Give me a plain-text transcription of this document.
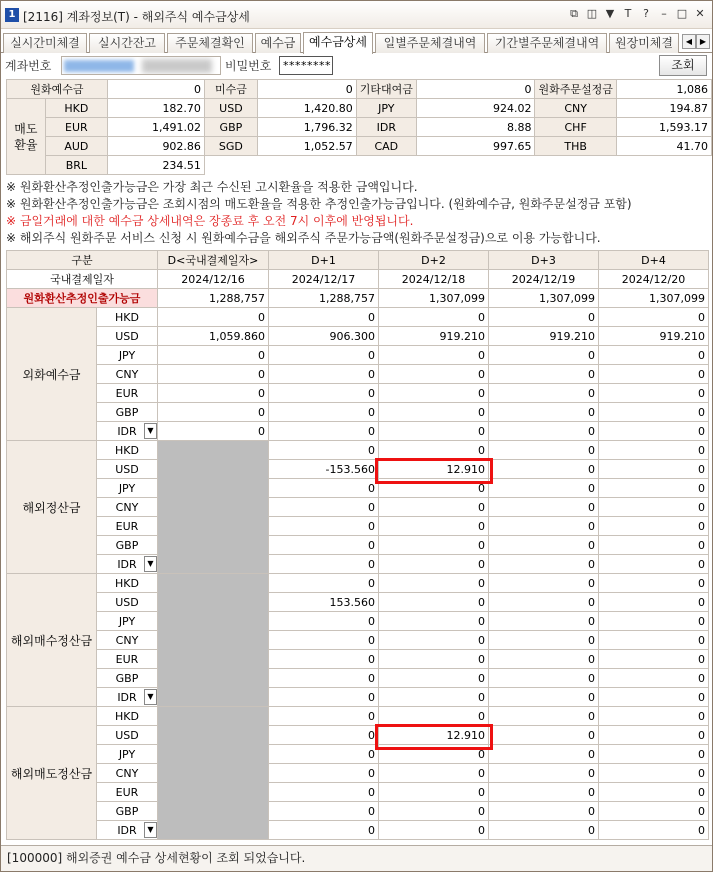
1 [2116] 계좌정보(T) - 해외주식 예수금상세	⧉ ◫ ▼ T ? – □ ✕
실시간미체결	실시간잔고	주문체결확인	예수금	예수금상세	일별주문체결내역	기간별주문체결내역	원장미체결	◀ ▶
계좌번호	비밀번호	********	조회
원화예수금		0	미수금	0	기타대여금	0	원화주문설정금	1,086
매도 환율	HKD	182.70	USD	1,420.80	JPY	924.02	CNY	194.87
	EUR	1,491.02	GBP	1,796.32	IDR	8.88	CHF	1,593.17
	AUD	902.86	SGD	1,052.57	CAD	997.65	THB	41.70
	BRL	234.51						
※ 원화환산추정인출가능금은 가장 최근 수신된 고시환율을 적용한 금액입니다.
※ 원화환산추정인출가능금은 조회시점의 매도환율을 적용한 추정인출가능금입니다. (원화예수금, 원화주문설정금 포함)
※ 금일거래에 대한 예수금 상세내역은 장종료 후 오전 7시 이후에 반영됩니다.
※ 해외주식 원화주문 서비스 신청 시 원화예수금을 해외주식 주문가능금액(원화주문설정금)으로 이용 가능합니다.
구분		D<국내결제일자>	D+1	D+2	D+3	D+4
국내결제일자		2024/12/16	2024/12/17	2024/12/18	2024/12/19	2024/12/20
원화환산추정인출가능금		1,288,757	1,288,757	1,307,099	1,307,099	1,307,099
외화예수금	HKD	0	0	0	0	0
	USD	1,059.860	906.300	919.210	919.210	919.210
	JPY	0	0	0	0	0
	CNY	0	0	0	0	0
	EUR	0	0	0	0	0
	GBP	0	0	0	0	0
	IDR ▼	0	0	0	0	0
해외정산금	HKD		0	0	0	0
	USD		-153.560	12.910	0	0
	JPY		0	0	0	0
	CNY		0	0	0	0
	EUR		0	0	0	0
	GBP		0	0	0	0
	IDR ▼		0	0	0	0
해외매수정산금	HKD		0	0	0	0
	USD		153.560	0	0	0
	JPY		0	0	0	0
	CNY		0	0	0	0
	EUR		0	0	0	0
	GBP		0	0	0	0
	IDR ▼		0	0	0	0
해외매도정산금	HKD		0	0	0	0
	USD		0	12.910	0	0
	JPY		0	0	0	0
	CNY		0	0	0	0
	EUR		0	0	0	0
	GBP		0	0	0	0
	IDR ▼		0	0	0	0
[100000] 해외증권 예수금 상세현황이 조회 되었습니다.
